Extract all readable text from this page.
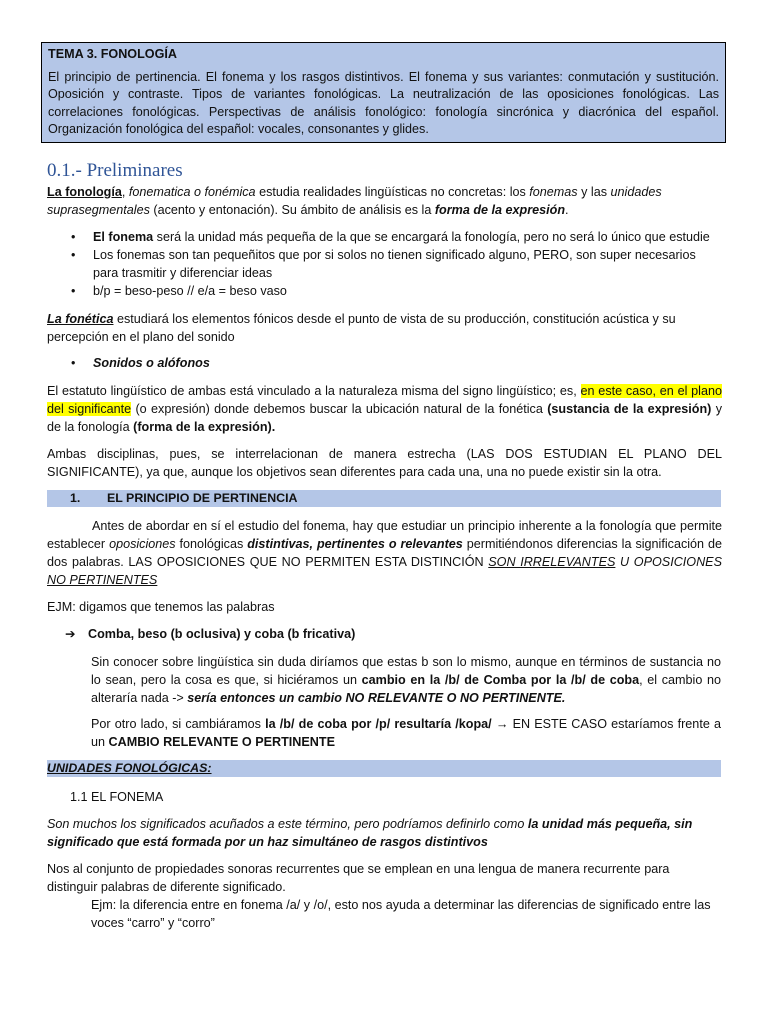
TEMA 3. FONOLOGÍA
El principio de pertinencia. El fonema y los rasgos distintivos. El fonema y sus variantes: conmutación y sustitución. Oposición y contraste. Tipos de variantes fonológicas. La neutralización de las oposiciones fonológicas. Las correlaciones fonológicas. Perspectivas de análisis fonológico: fonología sincrónica y diacrónica del español. Organización fonológica del español: vocales, consonantes y glides.
0.1.- Preliminares
La fonología, fonematica o fonémica estudia realidades lingüísticas no concretas: los fonemas y las unidades suprasegmentales (acento y entonación). Su ámbito de análisis es la forma de la expresión.
• El fonema será la unidad más pequeña de la que se encargará la fonología, pero no será lo único que estudie
• Los fonemas son tan pequeñitos que por si solos no tienen significado alguno, PERO, son super necesarios para trasmitir y diferenciar ideas
• b/p = beso-peso // e/a = beso vaso
La fonética estudiará los elementos fónicos desde el punto de vista de su producción, constitución acústica y su percepción en el plano del sonido
• Sonidos o alófonos
El estatuto lingüístico de ambas está vinculado a la naturaleza misma del signo lingüístico; es, en este caso, en el plano del significante (o expresión) donde debemos buscar la ubicación natural de la fonética (sustancia de la expresión) y de la fonología (forma de la expresión).
Ambas disciplinas, pues, se interrelacionan de manera estrecha (LAS DOS ESTUDIAN EL PLANO DEL SIGNIFICANTE), ya que, aunque los objetivos sean diferentes para cada una, una no puede existir sin la otra.
1. EL PRINCIPIO DE PERTINENCIA
Antes de abordar en sí el estudio del fonema, hay que estudiar un principio inherente a la fonología que permite establecer oposiciones fonológicas distintivas, pertinentes o relevantes permitiéndonos diferencias la significación de dos palabras. LAS OPOSICIONES QUE NO PERMITEN ESTA DISTINCIÓN SON IRRELEVANTES U OPOSICIONES NO PERTINENTES
EJM: digamos que tenemos las palabras
➔ Comba, beso (b oclusiva) y coba (b fricativa)
Sin conocer sobre lingüística sin duda diríamos que estas b son lo mismo, aunque en términos de sustancia no lo sean, pero la cosa es que, si hiciéramos un cambio en la /b/ de Comba por la /b/ de coba, el cambio no alteraría nada -> sería entonces un cambio NO RELEVANTE O NO PERTINENTE.
Por otro lado, si cambiáramos la /b/ de coba por /p/ resultaría /kopa/ → EN ESTE CASO estaríamos frente a un CAMBIO RELEVANTE O PERTINENTE
UNIDADES FONOLÓGICAS:
1.1 EL FONEMA
Son muchos los significados acuñados a este término, pero podríamos definirlo como la unidad más pequeña, sin significado que está formada por un haz simultáneo de rasgos distintivos
Nos al conjunto de propiedades sonoras recurrentes que se emplean en una lengua de manera recurrente para distinguir palabras de diferente significado.
Ejm: la diferencia entre en fonema /a/ y /o/, esto nos ayuda a determinar las diferencias de significado entre las voces “carro” y “corro”
